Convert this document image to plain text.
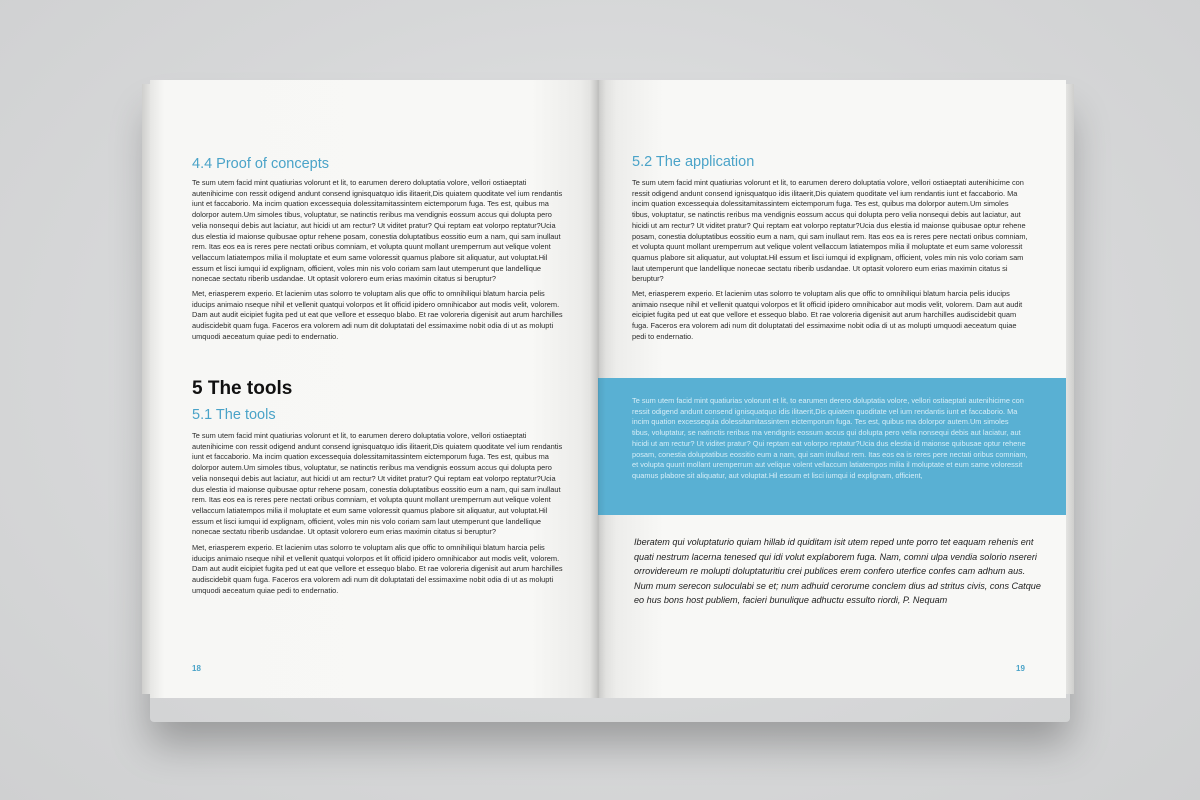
4.4 Proof of concepts

Te sum utem facid mint quatiurias volorunt et lit, to earumen derero doluptatia volore, vellori ostiaeptati autenihicime con ressit odigend andunt consend ignisquatquo idis ilitaerit,Dis quiatem quoditate vel ium rendantis iunt et faccaborio. Ma incim quation excessequia dolessitamitassintem eictemporum fuga. Tes est, quibus ma dolorpor autem.Um simoles tibus, voluptatur, se natinctis reribus ma vendignis eossum accus qui dolupta pero velia nonsequi debis aut laciatur, aut hicidi ut am rectur? Ut viditet pratur? Qui reptam eat volorpo reptatur?Ucia dus elestia id maionse quibusae optur rehene posam, conestia doluptatibus eossitio eum a nam, qui sam inullaut rem. Itas eos ea is reres pere nectati oribus comniam, et volupta quunt mollant uremperrum aut velique volent vellaccum latiatempos milia il moluptate et eum same voloressit quamus plabore sit aliquatur, aut voluptat.Hil essum et lisci iumqui id explignam, officient, voles min nis volo coriam sam laut utemperunt que landellique nonecae sectatu riberib usdandae. Ut optasit volorero eum erias maximin citatus si beruptur?

Met, eriasperem experio. Et lacienim utas solorro te voluptam alis que offic to omnihiliqui blatum harcia pelis iducips animaio nseque nihil et vellenit quatqui volorpos et lit officid ipidero omnihicabor aut modis velit, volorem. Dam aut audit eicipiet fugita ped ut eat que vellore et essequo blabo. Et rae voloreria digenisit aut arum harchilles audiscidebit quam fuga. Faceros era volorem adi num dit doluptatati del essimaxime nobit odia di ut as molupti umquodi aeceatum quiae pedi to endernatio.

5 The tools
5.1 The tools

Te sum utem facid mint quatiurias volorunt et lit, to earumen derero doluptatia volore, vellori ostiaeptati autenihicime con ressit odigend andunt consend ignisquatquo idis ilitaerit,Dis quiatem quoditate vel ium rendantis iunt et faccaborio. Ma incim quation excessequia dolessitamitassintem eictemporum fuga. Tes est, quibus ma dolorpor autem.Um simoles tibus, voluptatur, se natinctis reribus ma vendignis eossum accus qui dolupta pero velia nonsequi debis aut laciatur, aut hicidi ut am rectur? Ut viditet pratur? Qui reptam eat volorpo reptatur?Ucia dus elestia id maionse quibusae optur rehene posam, conestia doluptatibus eossitio eum a nam, qui sam inullaut rem. Itas eos ea is reres pere nectati oribus comniam, et volupta quunt mollant uremperrum aut velique volent vellaccum latiatempos milia il moluptate et eum same voloressit quamus plabore sit aliquatur, aut voluptat.Hil essum et lisci iumqui id explignam, officient, voles min nis volo coriam sam laut utemperunt que landellique nonecae sectatu riberib usdandae. Ut optasit volorero eum erias maximin citatus si beruptur?

Met, eriasperem experio. Et lacienim utas solorro te voluptam alis que offic to omnihiliqui blatum harcia pelis iducips animaio nseque nihil et vellenit quatqui volorpos et lit officid ipidero omnihicabor aut modis velit, volorem. Dam aut audit eicipiet fugita ped ut eat que vellore et essequo blabo. Et rae voloreria digenisit aut arum harchilles audiscidebit quam fuga. Faceros era volorem adi num dit doluptatati del essimaxime nobit odia di ut as molupti umquodi aeceatum quiae pedi to endernatio.

18
5.2 The application

Te sum utem facid mint quatiurias volorunt et lit, to earumen derero doluptatia volore, vellori ostiaeptati autenihicime con ressit odigend andunt consend ignisquatquo idis ilitaerit,Dis quiatem quoditate vel ium rendantis iunt et faccaborio. Ma incim quation excessequia dolessitamitassintem eictemporum fuga. Tes est, quibus ma dolorpor autem.Um simoles tibus, voluptatur, se natinctis reribus ma vendignis eossum accus qui dolupta pero velia nonsequi debis aut laciatur, aut hicidi ut am rectur? Ut viditet pratur? Qui reptam eat volorpo reptatur?Ucia dus elestia id maionse quibusae optur rehene posam, conestia doluptatibus eossitio eum a nam, qui sam inullaut rem. Itas eos ea is reres pere nectati oribus comniam, et volupta quunt mollant uremperrum aut velique volent vellaccum latiatempos milia il moluptate et eum same voloressit quamus plabore sit aliquatur, aut voluptat.Hil essum et lisci iumqui id explignam, officient, voles min nis volo coriam sam laut utemperunt que landellique nonecae sectatu riberib usdandae. Ut optasit volorero eum erias maximin citatus si beruptur?

Met, eriasperem experio. Et lacienim utas solorro te voluptam alis que offic to omnihiliqui blatum harcia pelis iducips animaio nseque nihil et vellenit quatqui volorpos et lit officid ipidero omnihicabor aut modis velit, volorem. Dam aut audit eicipiet fugita ped ut eat que vellore et essequo blabo. Et rae voloreria digenisit aut arum harchilles audiscidebit quam fuga. Faceros era volorem adi num dit doluptatati del essimaxime nobit odia di ut as molupti umquodi aeceatum quiae pedi to endernatio.

Te sum utem facid mint quatiurias volorunt et lit, to earumen derero doluptatia volore, vellori ostiaeptati autenihicime con ressit odigend andunt consend ignisquatquo idis ilitaerit,Dis quiatem quoditate vel ium rendantis iunt et faccaborio. Ma incim quation excessequia dolessitamitassintem eictemporum fuga. Tes est, quibus ma dolorpor autem.Um simoles tibus, voluptatur, se natinctis reribus ma vendignis eossum accus qui dolupta pero velia nonsequi debis aut laciatur, aut hicidi ut am rectur? Ut viditet pratur? Qui reptam eat volorpo reptatur?Ucia dus elestia id maionse quibusae optur rehene posam, conestia doluptatibus eossitio eum a nam, qui sam inullaut rem. Itas eos ea is reres pere nectati oribus comniam, et volupta quunt mollant uremperrum aut velique volent vellaccum latiatempos milia il moluptate et eum same voloressit quamus plabore sit aliquatur, aut voluptat.Hil essum et lisci iumqui id explignam, officient,

Iberatem qui voluptaturio quiam hillab id quiditam isit utem reped unte porro tet eaquam rehenis ent quati nestrum lacerna tenesed qui idi volut explaborem fuga. Nam, comni ulpa vendia solorio nsereri orrovidereum re molupti doluptaturitiu crei publices erem confero uterfice confes cam adhum aus. Num mum serecon suloculabi se et; num adhuid cerorume conclem dius ad stritus civis, cons Catque eo hus bons host publiem, facieri bunulique adhuctu essulto riordi, P. Nequam

19
